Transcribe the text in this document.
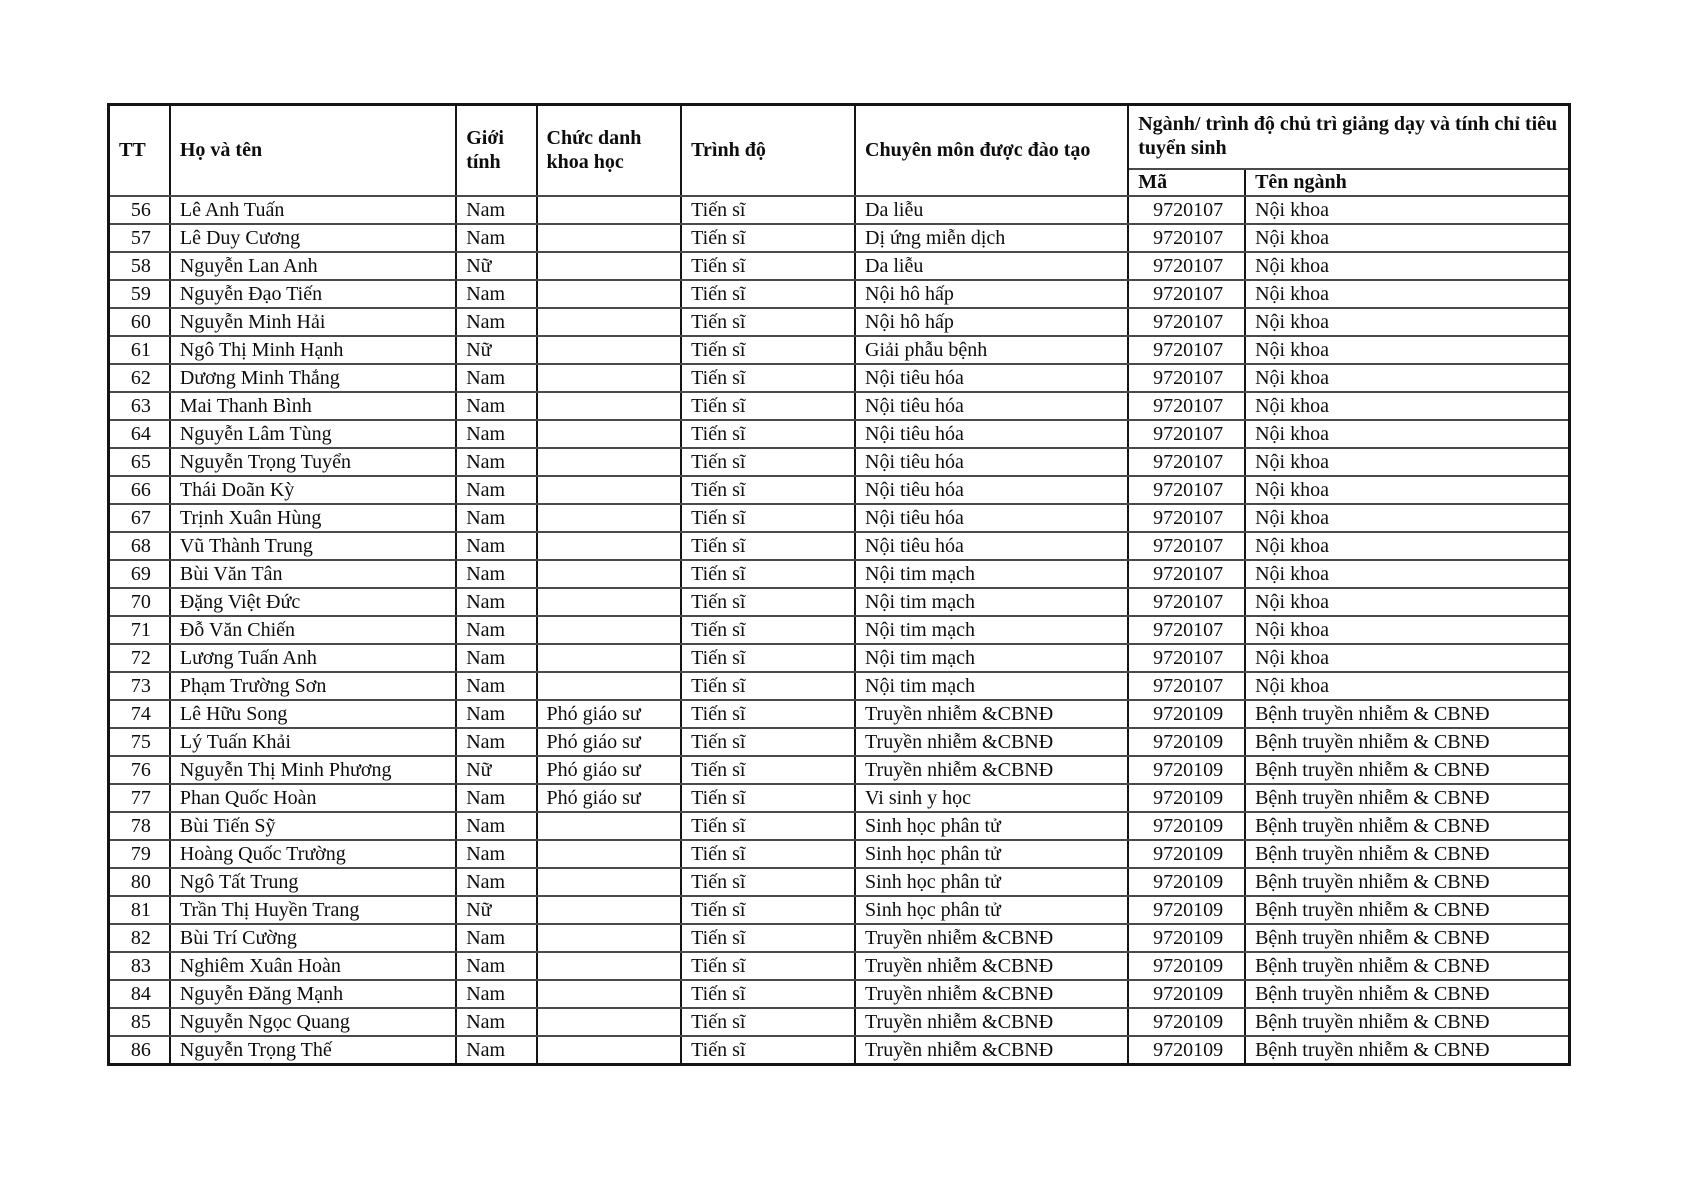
TT	Họ và tên	Giới tính	Chức danh khoa học	Trình độ	Chuyên môn được đào tạo	Ngành/ trình độ chủ trì giảng dạy và tính chỉ tiêu tuyển sinh	
						Mã	Tên ngành
56	Lê Anh Tuấn	Nam		Tiến sĩ	Da liễu	9720107	Nội khoa
57	Lê Duy Cương	Nam		Tiến sĩ	Dị ứng miễn dịch	9720107	Nội khoa
58	Nguyễn Lan Anh	Nữ		Tiến sĩ	Da liễu	9720107	Nội khoa
59	Nguyễn Đạo Tiến	Nam		Tiến sĩ	Nội hô hấp	9720107	Nội khoa
60	Nguyễn Minh Hải	Nam		Tiến sĩ	Nội hô hấp	9720107	Nội khoa
61	Ngô Thị Minh Hạnh	Nữ		Tiến sĩ	Giải phẫu bệnh	9720107	Nội khoa
62	Dương Minh Thắng	Nam		Tiến sĩ	Nội tiêu hóa	9720107	Nội khoa
63	Mai Thanh Bình	Nam		Tiến sĩ	Nội tiêu hóa	9720107	Nội khoa
64	Nguyễn Lâm Tùng	Nam		Tiến sĩ	Nội tiêu hóa	9720107	Nội khoa
65	Nguyễn Trọng Tuyển	Nam		Tiến sĩ	Nội tiêu hóa	9720107	Nội khoa
66	Thái Doãn Kỳ	Nam		Tiến sĩ	Nội tiêu hóa	9720107	Nội khoa
67	Trịnh Xuân Hùng	Nam		Tiến sĩ	Nội tiêu hóa	9720107	Nội khoa
68	Vũ Thành Trung	Nam		Tiến sĩ	Nội tiêu hóa	9720107	Nội khoa
69	Bùi Văn Tân	Nam		Tiến sĩ	Nội tim mạch	9720107	Nội khoa
70	Đặng Việt Đức	Nam		Tiến sĩ	Nội tim mạch	9720107	Nội khoa
71	Đỗ Văn Chiến	Nam		Tiến sĩ	Nội tim mạch	9720107	Nội khoa
72	Lương Tuấn Anh	Nam		Tiến sĩ	Nội tim mạch	9720107	Nội khoa
73	Phạm Trường Sơn	Nam		Tiến sĩ	Nội tim mạch	9720107	Nội khoa
74	Lê Hữu Song	Nam	Phó giáo sư	Tiến sĩ	Truyền nhiễm &CBNĐ	9720109	Bệnh truyền nhiễm & CBNĐ
75	Lý Tuấn Khải	Nam	Phó giáo sư	Tiến sĩ	Truyền nhiễm &CBNĐ	9720109	Bệnh truyền nhiễm & CBNĐ
76	Nguyễn Thị Minh Phương	Nữ	Phó giáo sư	Tiến sĩ	Truyền nhiễm &CBNĐ	9720109	Bệnh truyền nhiễm & CBNĐ
77	Phan Quốc Hoàn	Nam	Phó giáo sư	Tiến sĩ	Vi sinh y học	9720109	Bệnh truyền nhiễm & CBNĐ
78	Bùi Tiến Sỹ	Nam		Tiến sĩ	Sinh học phân tử	9720109	Bệnh truyền nhiễm & CBNĐ
79	Hoàng Quốc Trường	Nam		Tiến sĩ	Sinh học phân tử	9720109	Bệnh truyền nhiễm & CBNĐ
80	Ngô Tất Trung	Nam		Tiến sĩ	Sinh học phân tử	9720109	Bệnh truyền nhiễm & CBNĐ
81	Trần Thị Huyền Trang	Nữ		Tiến sĩ	Sinh học phân tử	9720109	Bệnh truyền nhiễm & CBNĐ
82	Bùi Trí Cường	Nam		Tiến sĩ	Truyền nhiễm &CBNĐ	9720109	Bệnh truyền nhiễm & CBNĐ
83	Nghiêm Xuân Hoàn	Nam		Tiến sĩ	Truyền nhiễm &CBNĐ	9720109	Bệnh truyền nhiễm & CBNĐ
84	Nguyễn Đăng Mạnh	Nam		Tiến sĩ	Truyền nhiễm &CBNĐ	9720109	Bệnh truyền nhiễm & CBNĐ
85	Nguyễn Ngọc Quang	Nam		Tiến sĩ	Truyền nhiễm &CBNĐ	9720109	Bệnh truyền nhiễm & CBNĐ
86	Nguyễn Trọng Thế	Nam		Tiến sĩ	Truyền nhiễm &CBNĐ	9720109	Bệnh truyền nhiễm & CBNĐ
